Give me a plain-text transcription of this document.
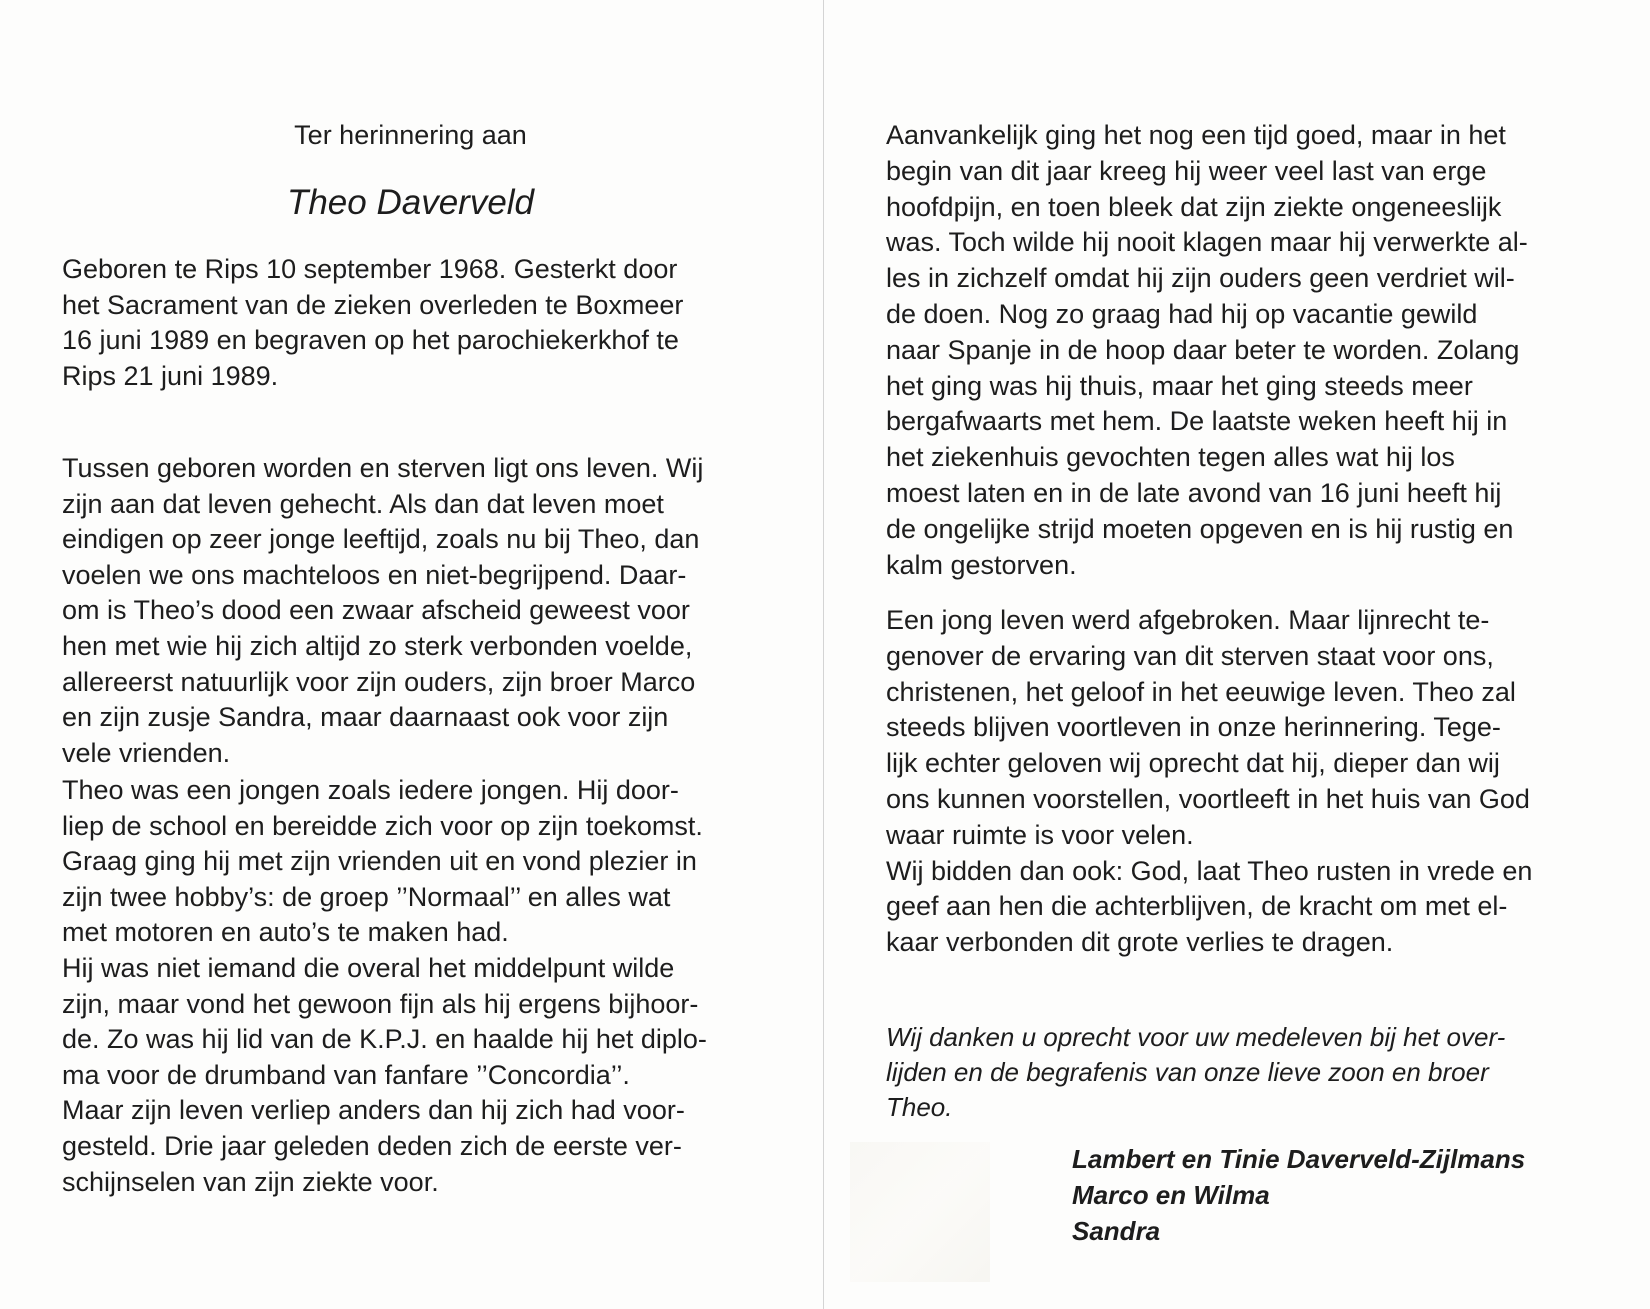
Ter herinnering aan

Theo Daverveld

Geboren te Rips 10 september 1968. Gesterkt door
het Sacrament van de zieken overleden te Boxmeer
16 juni 1989 en begraven op het parochiekerkhof te
Rips 21 juni 1989.

Tussen geboren worden en sterven ligt ons leven. Wij
zijn aan dat leven gehecht. Als dan dat leven moet
eindigen op zeer jonge leeftijd, zoals nu bij Theo, dan
voelen we ons machteloos en niet-begrijpend. Daar-
om is Theo’s dood een zwaar afscheid geweest voor
hen met wie hij zich altijd zo sterk verbonden voelde,
allereerst natuurlijk voor zijn ouders, zijn broer Marco
en zijn zusje Sandra, maar daarnaast ook voor zijn
vele vrienden.

Theo was een jongen zoals iedere jongen. Hij door-
liep de school en bereidde zich voor op zijn toekomst.
Graag ging hij met zijn vrienden uit en vond plezier in
zijn twee hobby’s: de groep ’’Normaal’’ en alles wat
met motoren en auto’s te maken had.
Hij was niet iemand die overal het middelpunt wilde
zijn, maar vond het gewoon fijn als hij ergens bijhoor-
de. Zo was hij lid van de K.P.J. en haalde hij het diplo-
ma voor de drumband van fanfare ’’Concordia’’.
Maar zijn leven verliep anders dan hij zich had voor-
gesteld. Drie jaar geleden deden zich de eerste ver-
schijnselen van zijn ziekte voor.

Aanvankelijk ging het nog een tijd goed, maar in het
begin van dit jaar kreeg hij weer veel last van erge
hoofdpijn, en toen bleek dat zijn ziekte ongeneeslijk
was. Toch wilde hij nooit klagen maar hij verwerkte al-
les in zichzelf omdat hij zijn ouders geen verdriet wil-
de doen. Nog zo graag had hij op vacantie gewild
naar Spanje in de hoop daar beter te worden. Zolang
het ging was hij thuis, maar het ging steeds meer
bergafwaarts met hem. De laatste weken heeft hij in
het ziekenhuis gevochten tegen alles wat hij los
moest laten en in de late avond van 16 juni heeft hij
de ongelijke strijd moeten opgeven en is hij rustig en
kalm gestorven.

Een jong leven werd afgebroken. Maar lijnrecht te-
genover de ervaring van dit sterven staat voor ons,
christenen, het geloof in het eeuwige leven. Theo zal
steeds blijven voortleven in onze herinnering. Tege-
lijk echter geloven wij oprecht dat hij, dieper dan wij
ons kunnen voorstellen, voortleeft in het huis van God
waar ruimte is voor velen.
Wij bidden dan ook: God, laat Theo rusten in vrede en
geef aan hen die achterblijven, de kracht om met el-
kaar verbonden dit grote verlies te dragen.

Wij danken u oprecht voor uw medeleven bij het over-
lijden en de begrafenis van onze lieve zoon en broer
Theo.

Lambert en Tinie Daverveld-Zijlmans
Marco en Wilma
Sandra
